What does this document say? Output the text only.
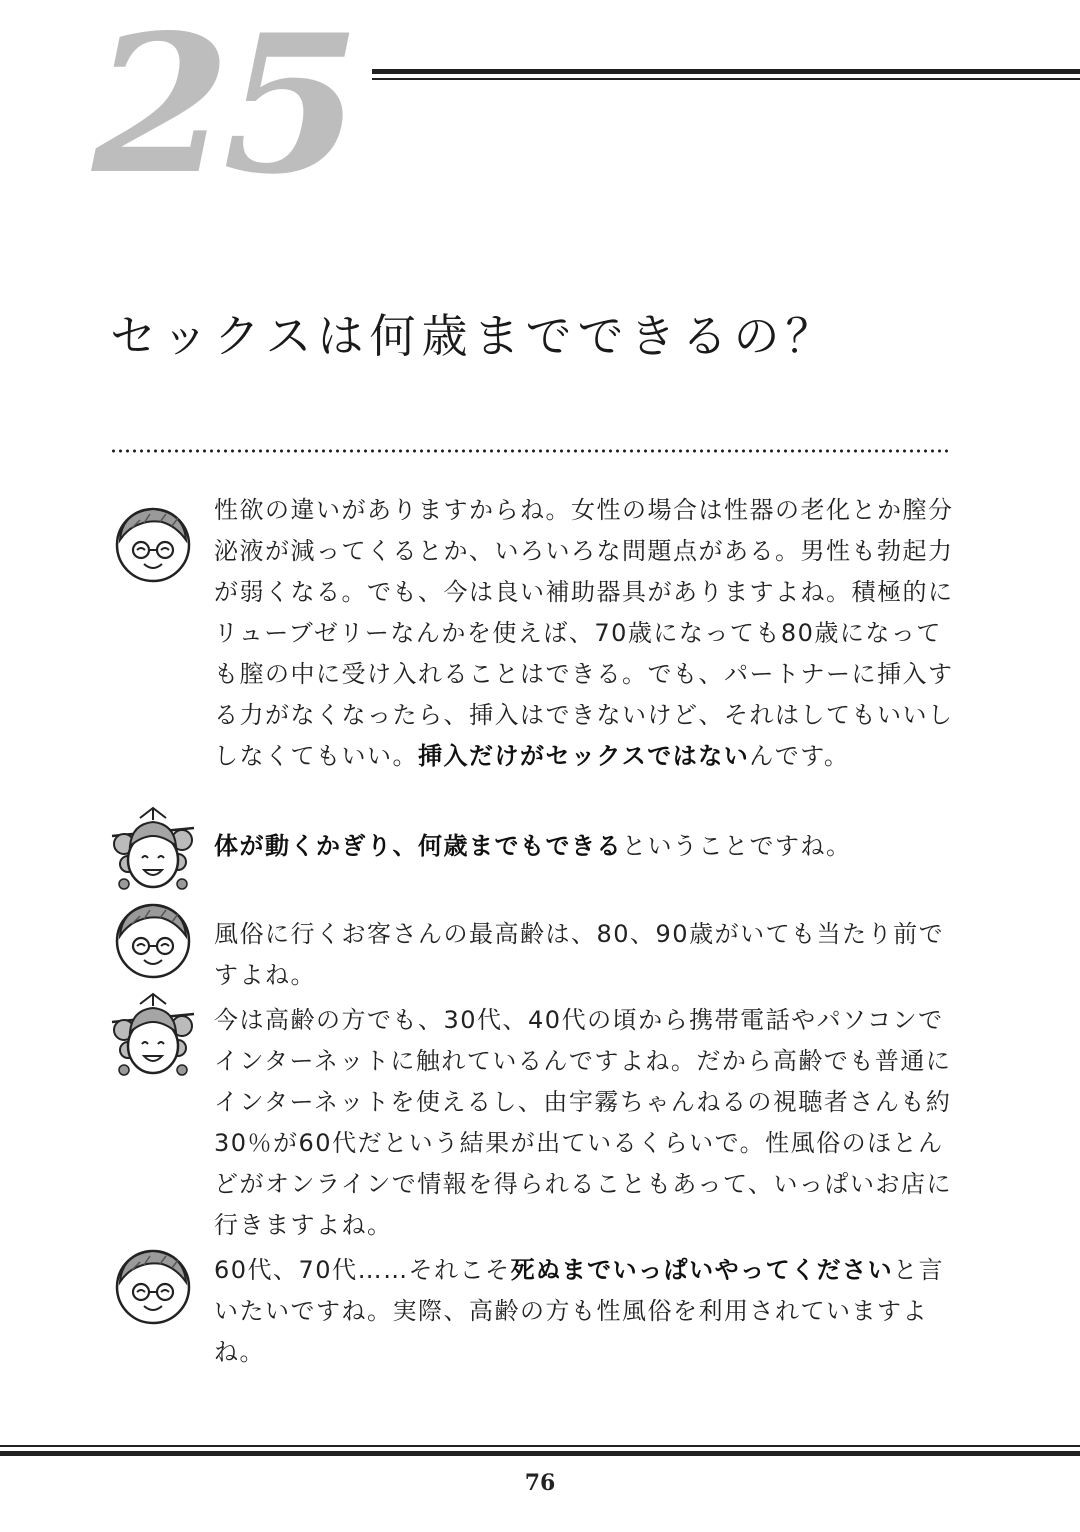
25
セックスは何歳までできるの？
性欲の違いがありますからね。女性の場合は性器の老化とか膣分泌液が減ってくるとか、いろいろな問題点がある。男性も勃起力が弱くなる。でも、今は良い補助器具がありますよね。積極的にリューブゼリーなんかを使えば、70歳になっても80歳になっても膣の中に受け入れることはできる。でも、パートナーに挿入する力がなくなったら、挿入はできないけど、それはしてもいいししなくてもいい。挿入だけがセックスではないんです。
体が動くかぎり、何歳までもできるということですね。
風俗に行くお客さんの最高齢は、80、90歳がいても当たり前ですよね。
今は高齢の方でも、30代、40代の頃から携帯電話やパソコンでインターネットに触れているんですよね。だから高齢でも普通にインターネットを使えるし、由宇霧ちゃんねるの視聴者さんも約30％が60代だという結果が出ているくらいで。性風俗のほとんどがオンラインで情報を得られることもあって、いっぱいお店に行きますよね。
60代、70代……それこそ死ぬまでいっぱいやってくださいと言いたいですね。実際、高齢の方も性風俗を利用されていますよね。
76
